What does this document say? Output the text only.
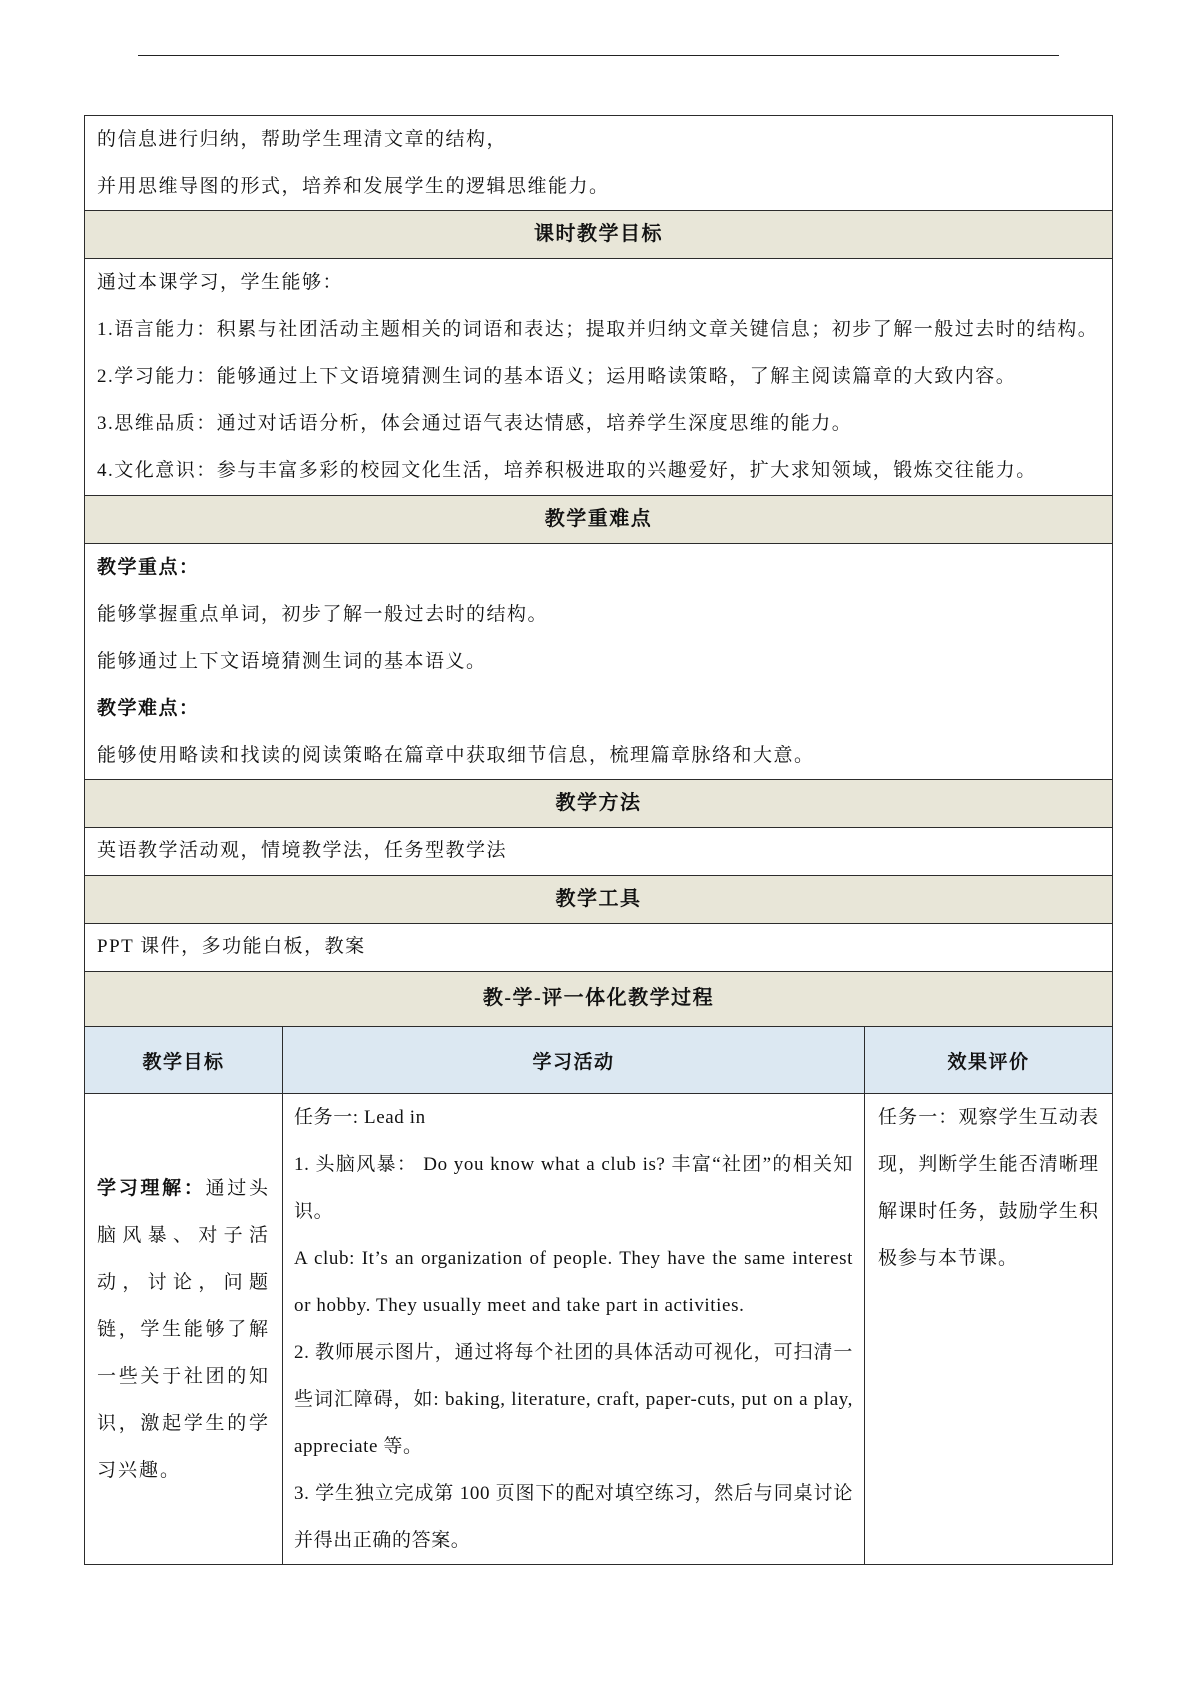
的信息进行归纳，帮助学生理清文章的结构，

并用思维导图的形式，培养和发展学生的逻辑思维能力。

课时教学目标

通过本课学习，学生能够：

1.语言能力：积累与社团活动主题相关的词语和表达；提取并归纳文章关键信息；初步了解一般过去时的结构。

2.学习能力：能够通过上下文语境猜测生词的基本语义；运用略读策略，了解主阅读篇章的大致内容。

3.思维品质：通过对话语分析，体会通过语气表达情感，培养学生深度思维的能力。

4.文化意识：参与丰富多彩的校园文化生活，培养积极进取的兴趣爱好，扩大求知领域，锻炼交往能力。

教学重难点

教学重点：

能够掌握重点单词，初步了解一般过去时的结构。

能够通过上下文语境猜测生词的基本语义。

教学难点：

能够使用略读和找读的阅读策略在篇章中获取细节信息，梳理篇章脉络和大意。

教学方法

英语教学活动观，情境教学法，任务型教学法

教学工具

PPT 课件，多功能白板，教案

教-学-评一体化教学过程
教学目标	学习活动	效果评价

学习理解：通过头脑风暴、对子活动，讨论，问题链，学生能够了解一些关于社团的知识，激起学生的学习兴趣。

任务一: Lead in

1. 头脑风暴： Do you know what a club is? 丰富“社团”的相关知识。

A club: It’s an organization of people. They have the same interest or hobby. They usually meet and take part in activities.

2. 教师展示图片，通过将每个社团的具体活动可视化，可扫清一些词汇障碍，如: baking, literature, craft, paper-cuts, put on a play, appreciate 等。

3. 学生独立完成第 100 页图下的配对填空练习，然后与同桌讨论并得出正确的答案。

任务一：观察学生互动表现，判断学生能否清晰理解课时任务，鼓励学生积极参与本节课。
